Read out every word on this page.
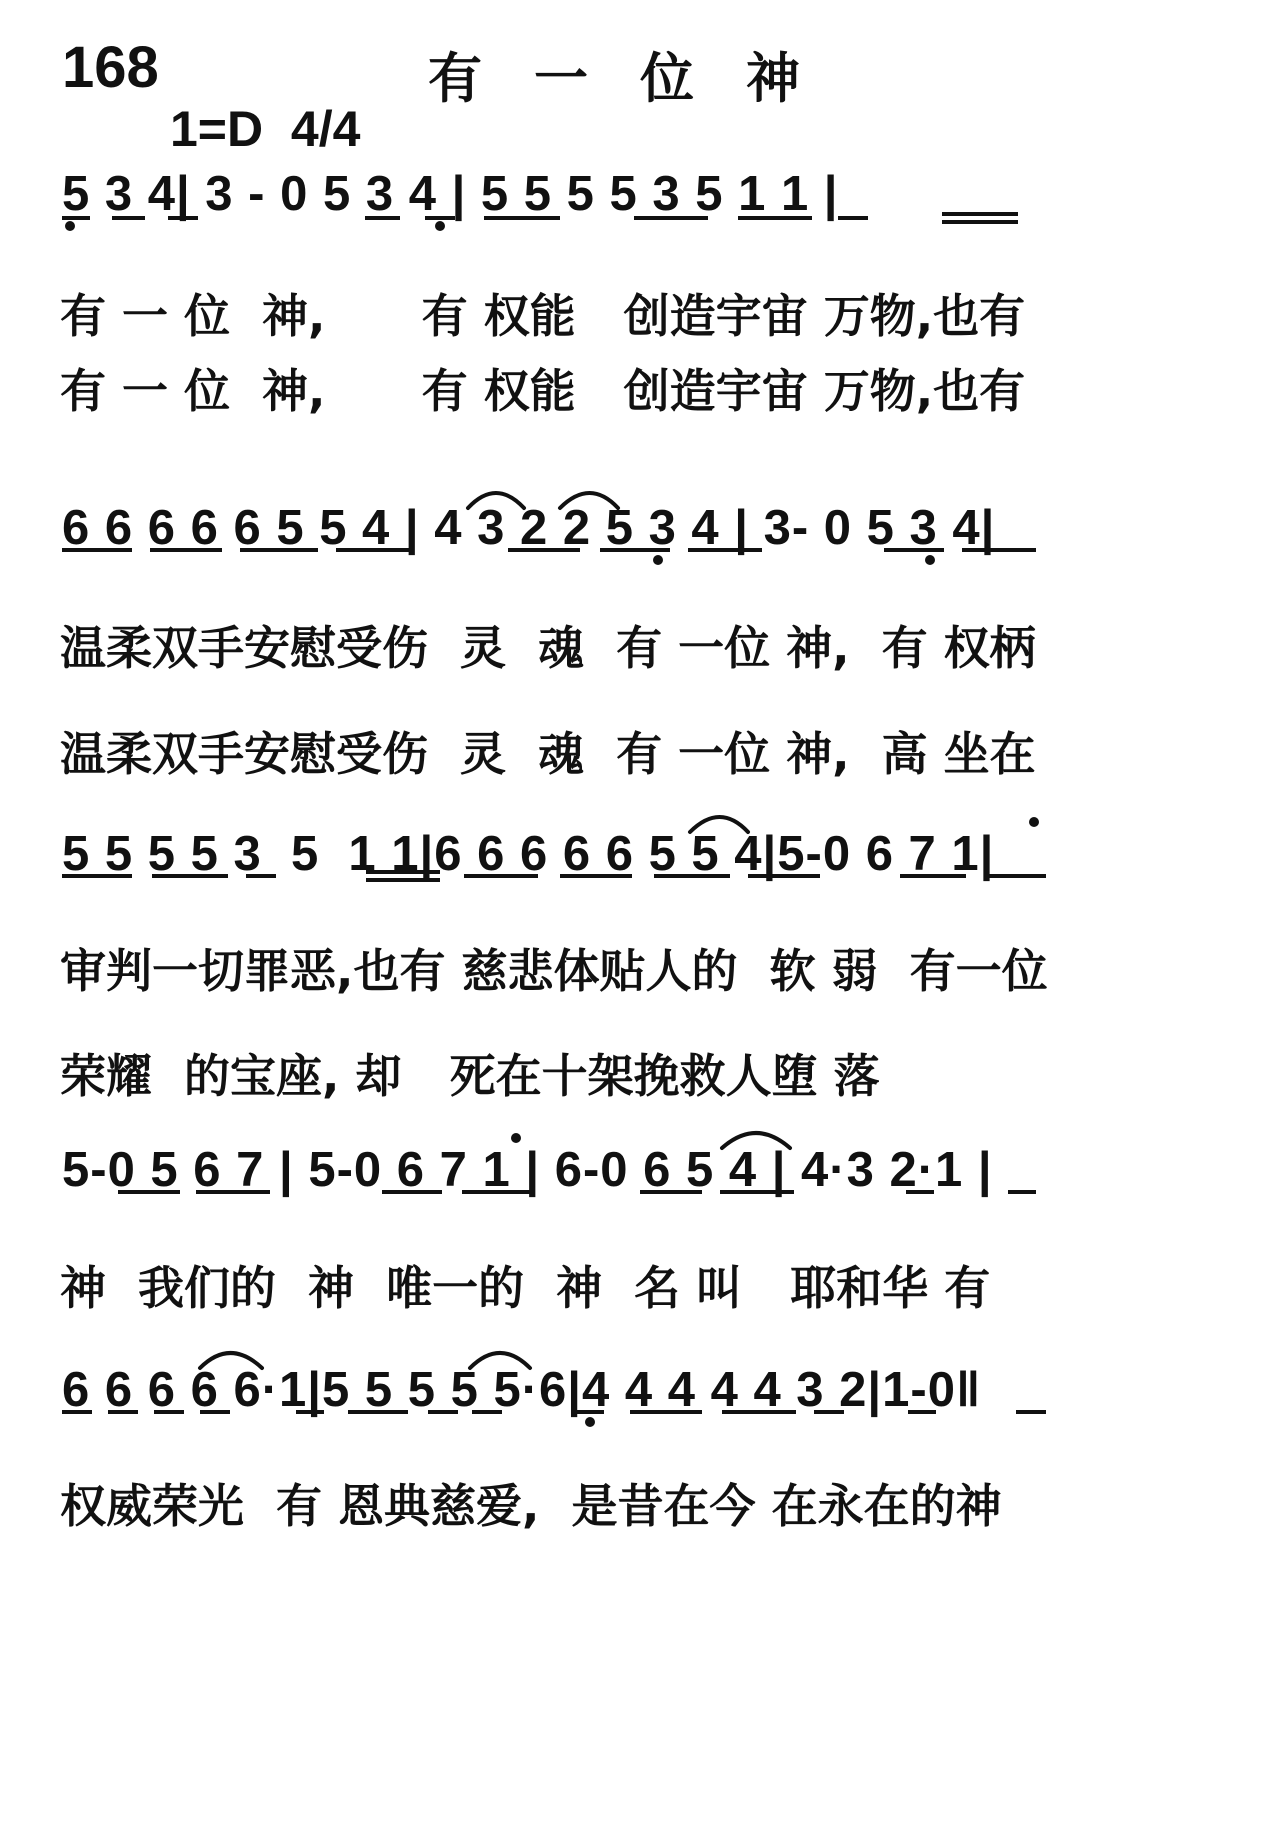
168	有一位神
1=D  4/4
5 3 4| 3 - 0 5 3 4 | 5 5 5 5 3 5 1 1 |
有 一 位  神,      有 权能   创造宇宙 万物,也有
有 一 位  神,      有 权能   创造宇宙 万物,也有
6 6 6 6 6 5 5 4 | 4 3 2 2 5 3 4 | 3- 0 5 3 4|
温柔双手安慰受伤  灵  魂  有 一位 神,  有 权柄
温柔双手安慰受伤  灵  魂  有 一位 神,  高 坐在
5 5 5 5 3  5  1 1|6 6 6 6 6 5 5 4|5-0 6 7 1|
审判一切罪恶,也有 慈悲体贴人的  软 弱  有一位
荣耀  的宝座, 却   死在十架挽救人堕 落
5-0 5 6 7 | 5-0 6 7 1 | 6-0 6 5 4 | 4·3 2·1 |
神  我们的  神  唯一的  神  名 叫   耶和华 有
6 6 6 6 6·1|5 5 5 5 5·6|4 4 4 4 4 3 2|1-0‖
权威荣光  有 恩典慈爱,  是昔在今 在永在的神
